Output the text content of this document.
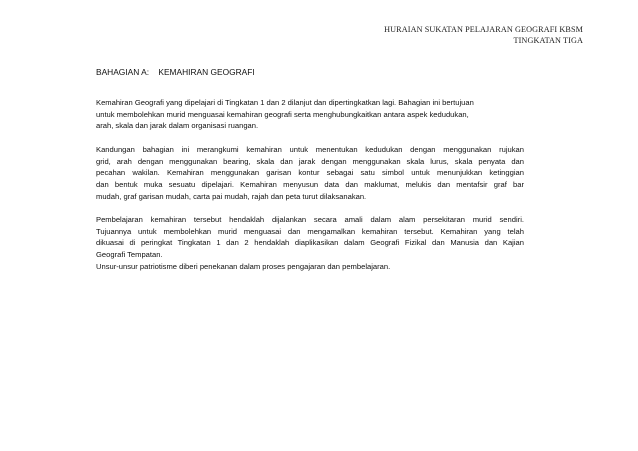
HURAIAN SUKATAN PELAJARAN GEOGRAFI KBSM
TINGKATAN TIGA
BAHAGIAN A:    KEMAHIRAN GEOGRAFI
Kemahiran Geografi yang dipelajari di Tingkatan 1 dan 2 dilanjut dan dipertingkatkan lagi. Bahagian ini bertujuan
untuk membolehkan murid menguasai kemahiran geografi serta menghubungkaitkan antara aspek kedudukan,
arah, skala dan jarak dalam organisasi ruangan.
Kandungan bahagian ini merangkumi kemahiran untuk menentukan kedudukan dengan menggunakan rujukan
grid, arah dengan menggunakan bearing, skala dan jarak dengan menggunakan skala lurus, skala penyata dan
pecahan wakilan. Kemahiran menggunakan garisan kontur sebagai satu simbol untuk menunjukkan ketinggian
dan bentuk muka sesuatu dipelajari. Kemahiran menyusun data dan maklumat, melukis dan mentafsir graf bar
mudah, graf garisan mudah, carta pai mudah, rajah dan peta turut dilaksanakan.
Pembelajaran kemahiran tersebut hendaklah dijalankan secara amali dalam alam persekitaran murid sendiri.
Tujuannya untuk membolehkan murid menguasai dan mengamalkan kemahiran tersebut. Kemahiran yang telah
dikuasai di peringkat Tingkatan 1 dan 2 hendaklah diaplikasikan dalam Geografi Fizikal dan Manusia dan Kajian
Geografi Tempatan.
Unsur-unsur patriotisme diberi penekanan dalam proses pengajaran dan pembelajaran.
